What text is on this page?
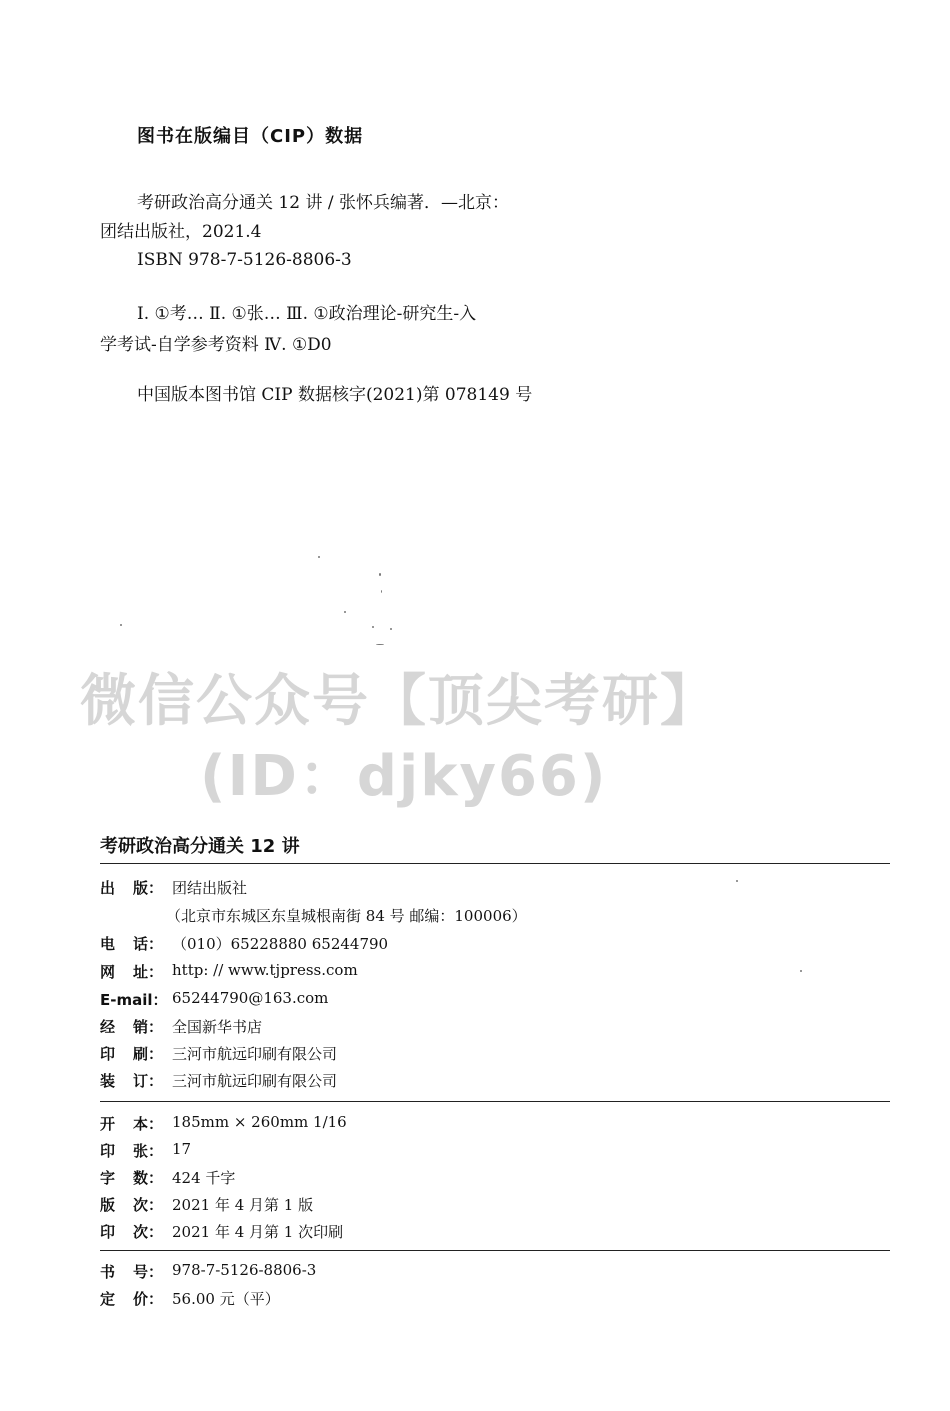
图书在版编目（CIP）数据
考研政治高分通关 12 讲 / 张怀兵编著．—北京：
团结出版社，2021.4
ISBN 978-7-5126-8806-3
Ⅰ. ①考… Ⅱ. ①张… Ⅲ. ①政治理论-研究生-入
学考试-自学参考资料 Ⅳ. ①D0
中国版本图书馆 CIP 数据核字(2021)第 078149 号
微信公众号【顶尖考研】
(ID：djky66)
考研政治高分通关 12 讲
出 版： 团结出版社
（北京市东城区东皇城根南街 84 号 邮编：100006）
电 话： （010）65228880 65244790
网 址： http: // www.tjpress.com
E-mail： 65244790@163.com
经 销： 全国新华书店
印 刷： 三河市航远印刷有限公司
装 订： 三河市航远印刷有限公司
开 本： 185mm × 260mm 1/16
印 张： 17
字 数： 424 千字
版 次： 2021 年 4 月第 1 版
印 次： 2021 年 4 月第 1 次印刷
书 号： 978-7-5126-8806-3
定 价： 56.00 元（平）
